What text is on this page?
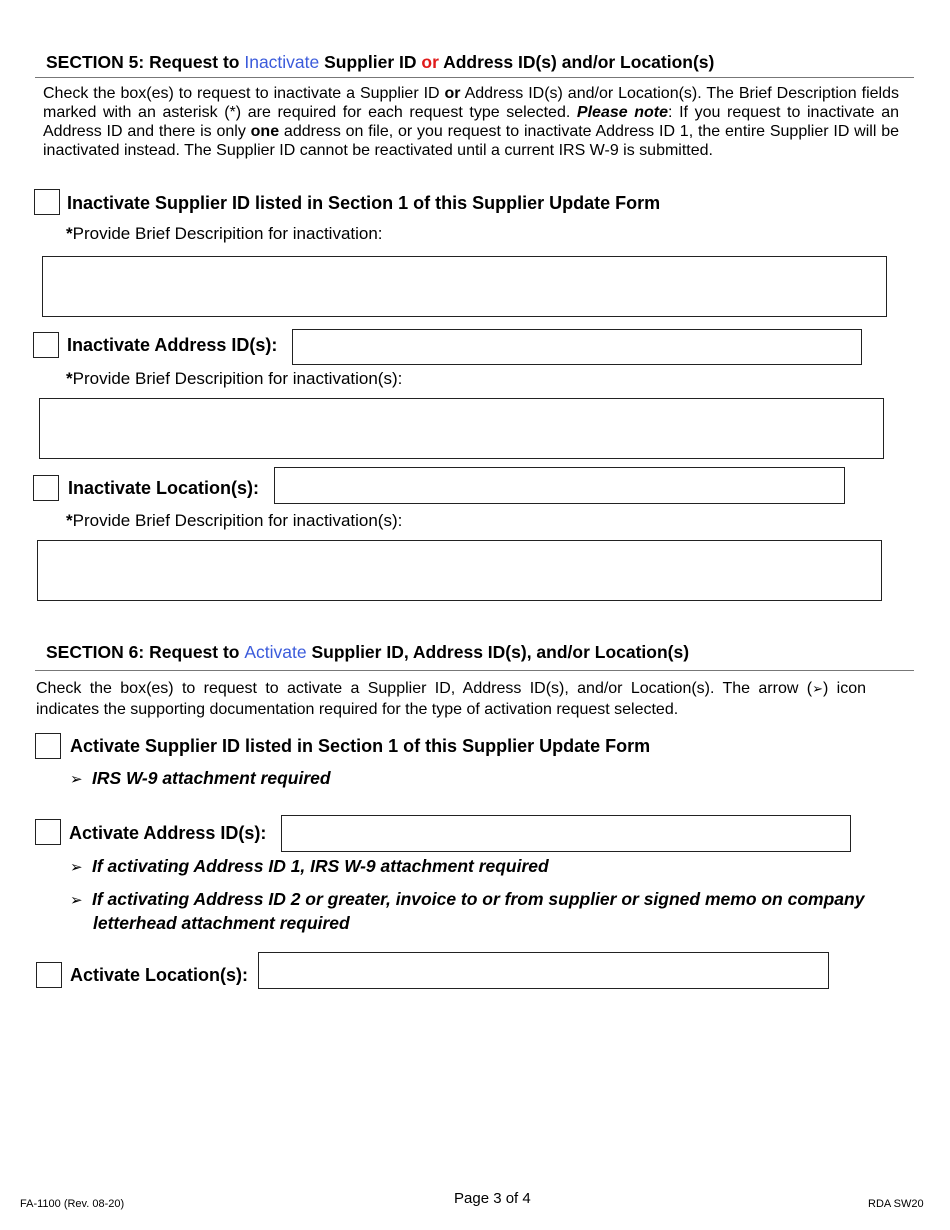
SECTION 5: Request to Inactivate Supplier ID or Address ID(s) and/or Location(s)
Check the box(es) to request to inactivate a Supplier ID or Address ID(s) and/or Location(s). The Brief Description fields marked with an asterisk (*) are required for each request type selected. Please note: If you request to inactivate an Address ID and there is only one address on file, or you request to inactivate Address ID 1, the entire Supplier ID will be inactivated instead. The Supplier ID cannot be reactivated until a current IRS W-9 is submitted.
Inactivate Supplier ID listed in Section 1 of this Supplier Update Form
*Provide Brief Descripition for inactivation:
Inactivate Address ID(s):
*Provide Brief Descripition for inactivation(s):
Inactivate Location(s):
*Provide Brief Descripition for inactivation(s):
SECTION 6: Request to Activate Supplier ID, Address ID(s), and/or Location(s)
Check the box(es) to request to activate a Supplier ID, Address ID(s), and/or Location(s). The arrow (➢) icon indicates the supporting documentation required for the type of activation request selected.
Activate Supplier ID listed in Section 1 of this Supplier Update Form
➢ IRS W-9 attachment required
Activate Address ID(s):
➢ If activating Address ID 1, IRS W-9 attachment required
➢ If activating Address ID 2 or greater, invoice to or from supplier or signed memo on company letterhead attachment required
Activate Location(s):
FA-1100 (Rev. 08-20)	Page 3 of 4	RDA SW20
